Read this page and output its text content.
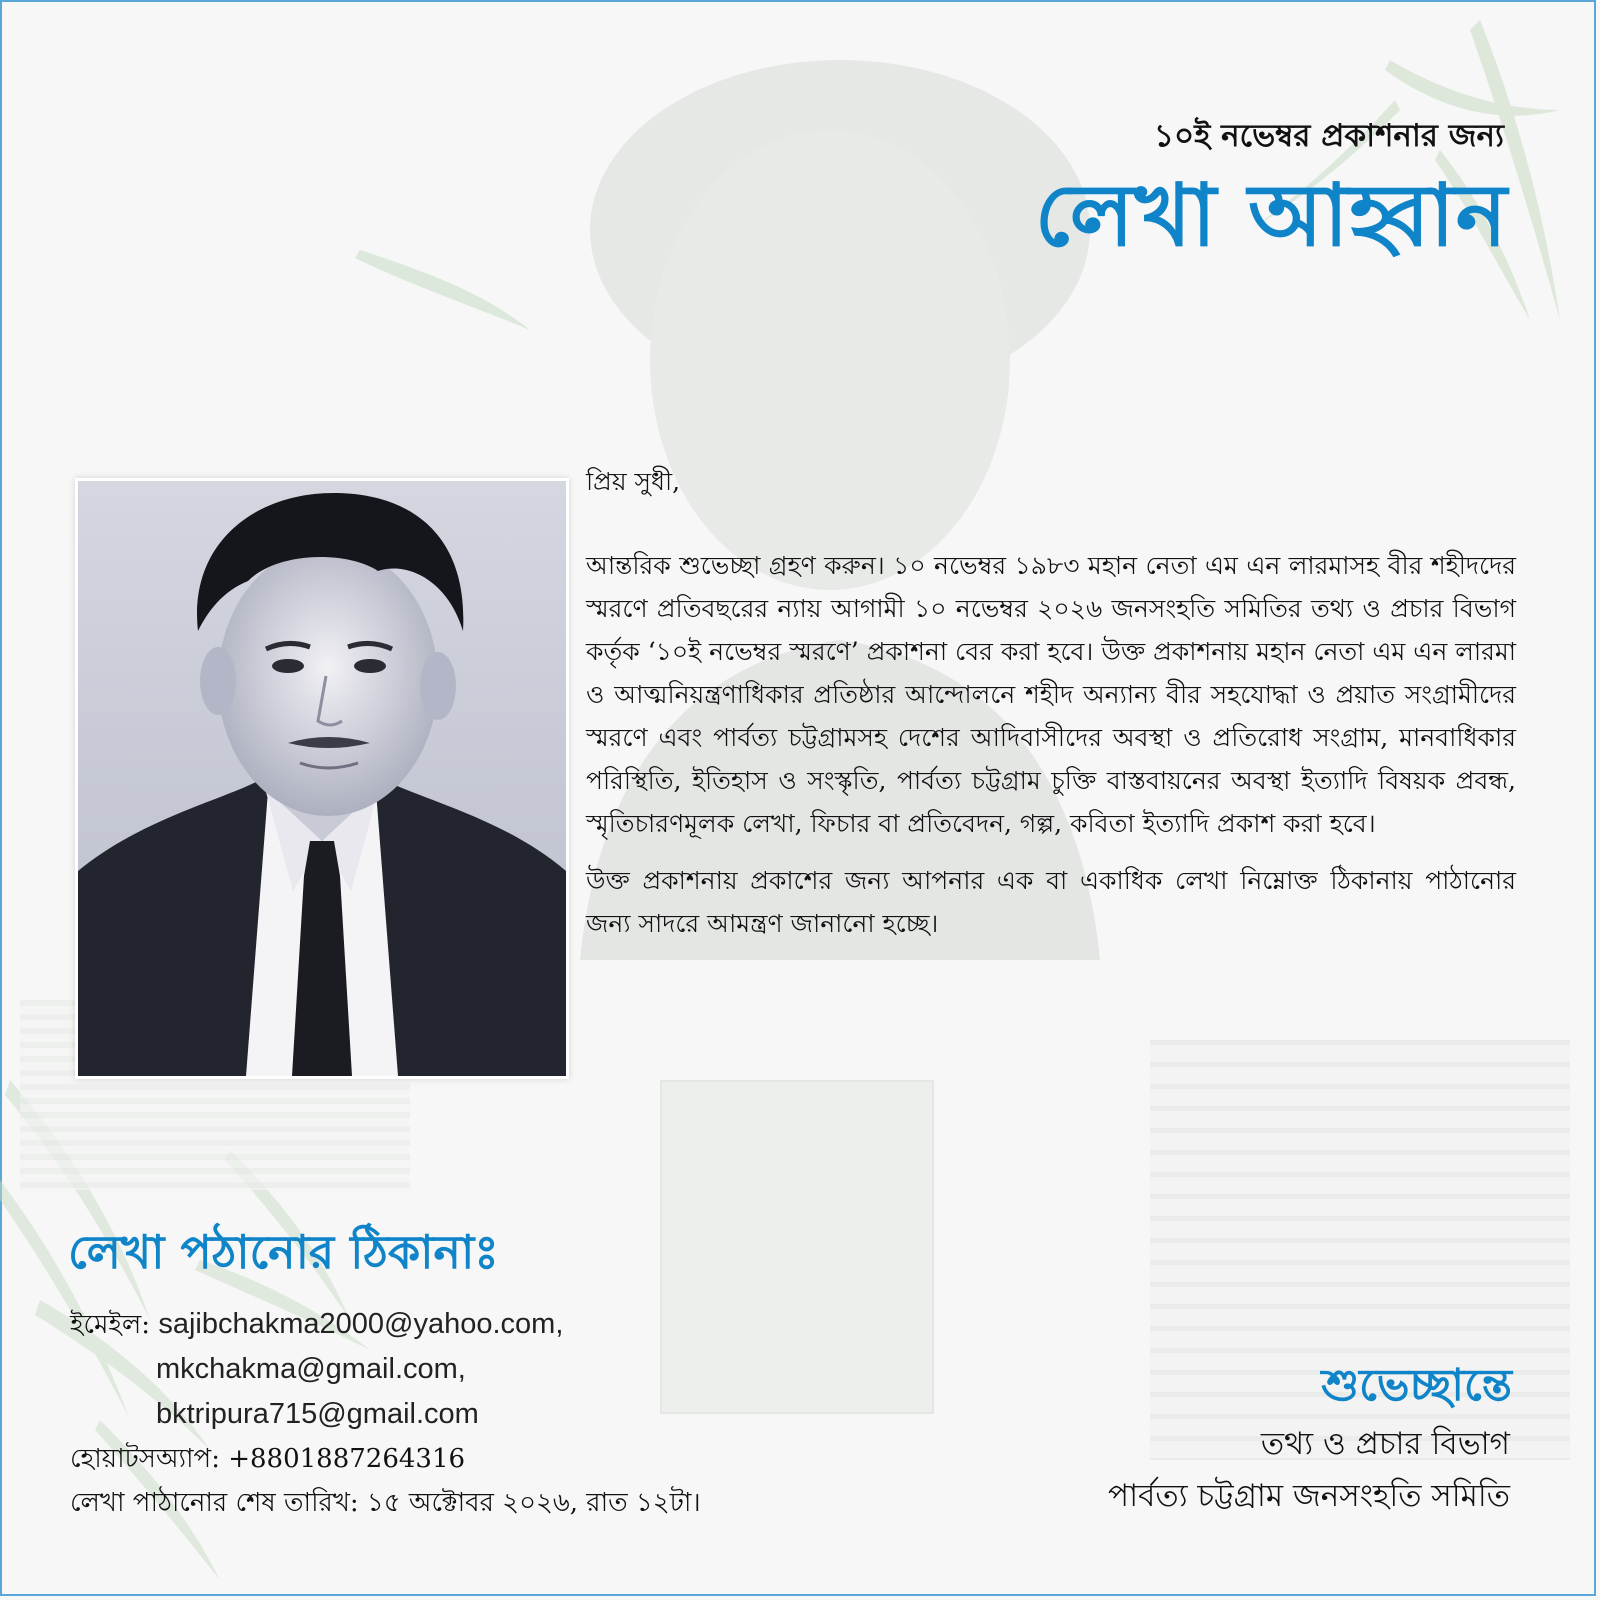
১০ই নভেম্বর প্রকাশনার জন্য

লেখা আহ্বান

প্রিয় সুধী,

আন্তরিক শুভেচ্ছা গ্রহণ করুন। ১০ নভেম্বর ১৯৮৩ মহান নেতা এম এন লারমাসহ বীর শহীদদের স্মরণে প্রতিবছরের ন্যায় আগামী ১০ নভেম্বর ২০২৬ জনসংহতি সমিতির তথ্য ও প্রচার বিভাগ কর্তৃক ‘১০ই নভেম্বর স্মরণে’ প্রকাশনা বের করা হবে। উক্ত প্রকাশনায় মহান নেতা এম এন লারমা ও আত্মনিয়ন্ত্রণাধিকার প্রতিষ্ঠার আন্দোলনে শহীদ অন্যান্য বীর সহযোদ্ধা ও প্রয়াত সংগ্রামীদের স্মরণে এবং পার্বত্য চট্টগ্রামসহ দেশের আদিবাসীদের অবস্থা ও প্রতিরোধ সংগ্রাম, মানবাধিকার পরিস্থিতি, ইতিহাস ও সংস্কৃতি, পার্বত্য চট্টগ্রাম চুক্তি বাস্তবায়নের অবস্থা ইত্যাদি বিষয়ক প্রবন্ধ, স্মৃতিচারণমূলক লেখা, ফিচার বা প্রতিবেদন, গল্প, কবিতা ইত্যাদি প্রকাশ করা হবে।

উক্ত প্রকাশনায় প্রকাশের জন্য আপনার এক বা একাধিক লেখা নিম্নোক্ত ঠিকানায় পাঠানোর জন্য সাদরে আমন্ত্রণ জানানো হচ্ছে।

লেখা পঠানোর ঠিকানাঃ
ইমেইল: sajibchakma2000@yahoo.com,
mkchakma@gmail.com,
bktripura715@gmail.com
হোয়াটসঅ্যাপ: +8801887264316
লেখা পাঠানোর শেষ তারিখ: ১৫ অক্টোবর ২০২৬, রাত ১২টা।
শুভেচ্ছান্তে

তথ্য ও প্রচার বিভাগ

পার্বত্য চট্টগ্রাম জনসংহতি সমিতি
